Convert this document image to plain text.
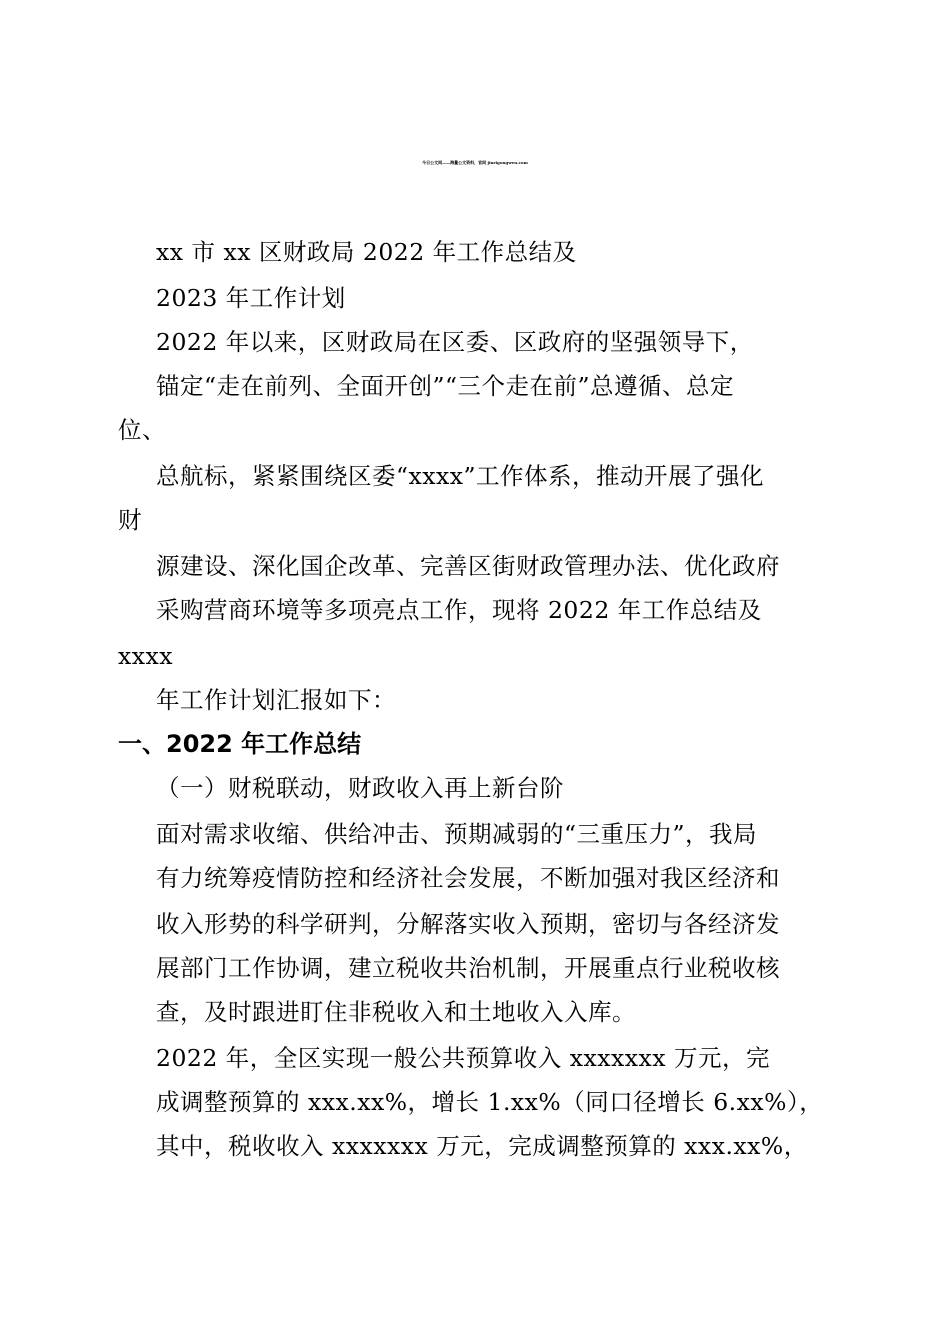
今日公文网——海量公文资料，官网 jinrigongwen.com
xx 市 xx 区财政局 2022 年工作总结及
2023 年工作计划
2022 年以来，区财政局在区委、区政府的坚强领导下，
锚定“走在前列、全面开创”“三个走在前”总遵循、总定
位、
总航标，紧紧围绕区委“xxxx”工作体系，推动开展了强化
财
源建设、深化国企改革、完善区街财政管理办法、优化政府
采购营商环境等多项亮点工作，现将 2022 年工作总结及
xxxx
年工作计划汇报如下：
一、2022 年工作总结
（一）财税联动，财政收入再上新台阶
面对需求收缩、供给冲击、预期减弱的“三重压力”，我局
有力统筹疫情防控和经济社会发展，不断加强对我区经济和
收入形势的科学研判，分解落实收入预期，密切与各经济发
展部门工作协调，建立税收共治机制，开展重点行业税收核
查，及时跟进盯住非税收入和土地收入入库。
2022 年，全区实现一般公共预算收入 xxxxxxx 万元，完
成调整预算的 xxx.xx%，增长 1.xx%（同口径增长 6.xx%），
其中，税收收入 xxxxxxx 万元，完成调整预算的 xxx.xx%，
